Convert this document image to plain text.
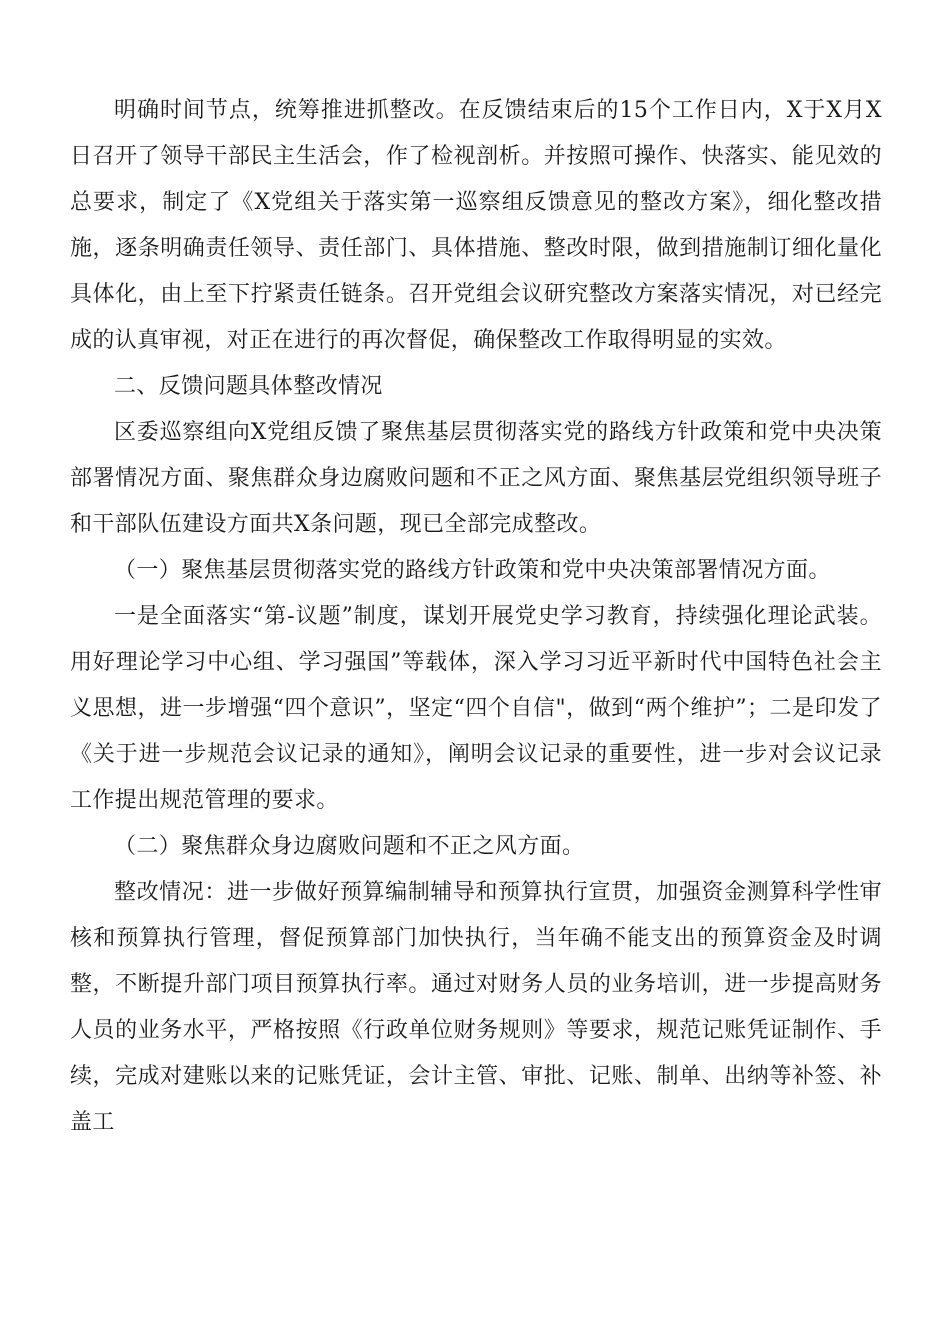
明确时间节点，统筹推进抓整改。在反馈结束后的15个工作日内，X于X月X日召开了领导干部民主生活会，作了检视剖析。并按照可操作、快落实、能见效的总要求，制定了《X党组关于落实第一巡察组反馈意见的整改方案》，细化整改措施，逐条明确责任领导、责任部门、具体措施、整改时限，做到措施制订细化量化具体化，由上至下拧紧责任链条。召开党组会议研究整改方案落实情况，对已经完成的认真审视，对正在进行的再次督促，确保整改工作取得明显的实效。

二、反馈问题具体整改情况

区委巡察组向X党组反馈了聚焦基层贯彻落实党的路线方针政策和党中央决策部署情况方面、聚焦群众身边腐败问题和不正之风方面、聚焦基层党组织领导班子和干部队伍建设方面共X条问题，现已全部完成整改。

（一）聚焦基层贯彻落实党的路线方针政策和党中央决策部署情况方面。

一是全面落实“第-议题”制度，谋划开展党史学习教育，持续强化理论武装。用好理论学习中心组、学习强国”等载体，深入学习习近平新时代中国特色社会主义思想，进一步增强“四个意识”，坚定“四个自信"，做到“两个维护”；二是印发了《关于进一步规范会议记录的通知》，阐明会议记录的重要性，进一步对会议记录工作提出规范管理的要求。

（二）聚焦群众身边腐败问题和不正之风方面。

整改情况：进一步做好预算编制辅导和预算执行宣贯，加强资金测算科学性审核和预算执行管理，督促预算部门加快执行，当年确不能支出的预算资金及时调整，不断提升部门项目预算执行率。通过对财务人员的业务培训，进一步提高财务人员的业务水平，严格按照《行政单位财务规则》等要求，规范记账凭证制作、手续，完成对建账以来的记账凭证，会计主管、审批、记账、制单、出纳等补签、补盖工
